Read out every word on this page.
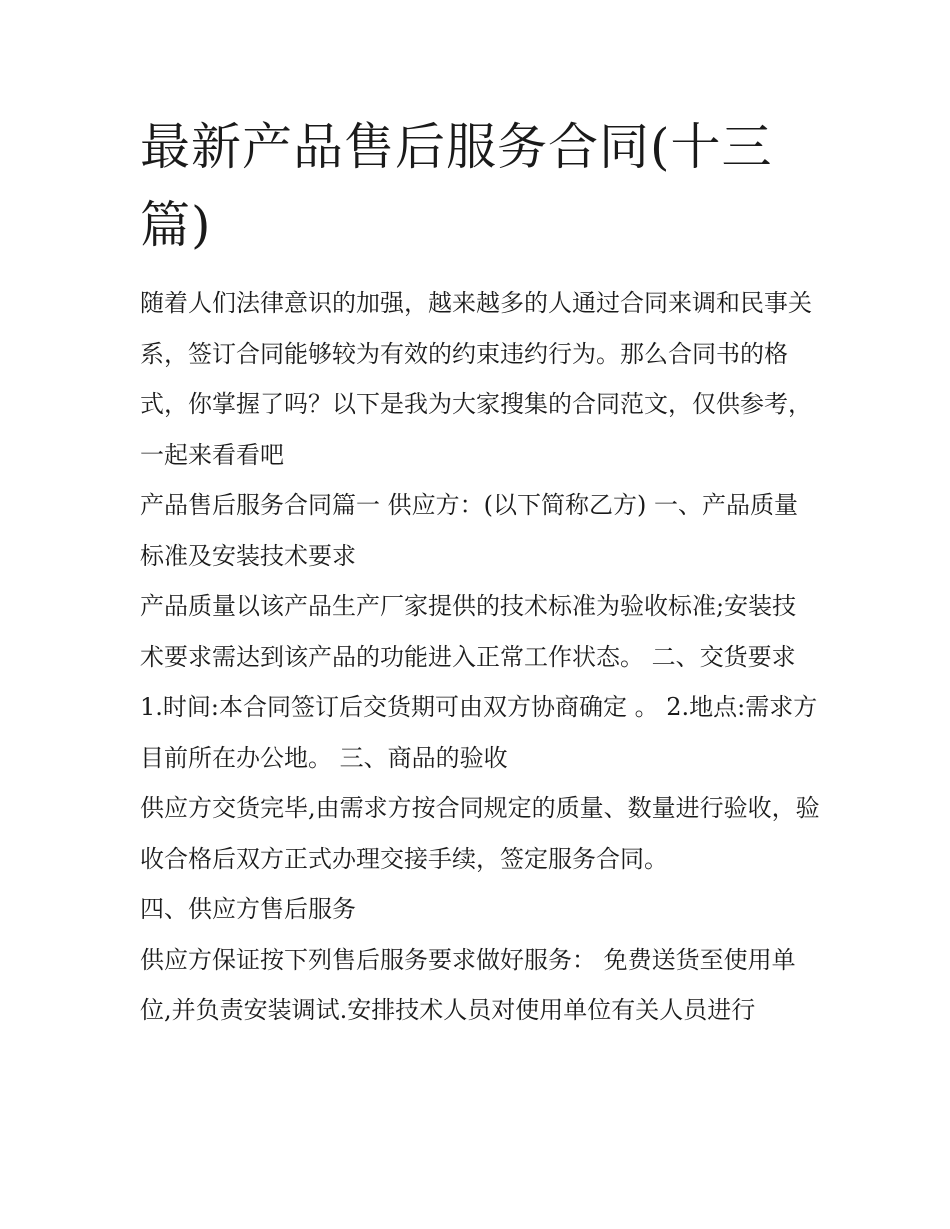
最新产品售后服务合同(十三篇)

随着人们法律意识的加强，越来越多的人通过合同来调和民事关系，签订合同能够较为有效的约束违约行为。那么合同书的格式，你掌握了吗？以下是我为大家搜集的合同范文，仅供参考，一起来看看吧

产品售后服务合同篇一 供应方：(以下简称乙方) 一、产品质量标准及安装技术要求

产品质量以该产品生产厂家提供的技术标准为验收标准;安装技术要求需达到该产品的功能进入正常工作状态。 二、交货要求

1.时间:本合同签订后交货期可由双方协商确定 。 2.地点:需求方目前所在办公地。 三、商品的验收

供应方交货完毕,由需求方按合同规定的质量、数量进行验收，验收合格后双方正式办理交接手续，签定服务合同。

四、供应方售后服务

供应方保证按下列售后服务要求做好服务： 免费送货至使用单位,并负责安装调试.安排技术人员对使用单位有关人员进行
